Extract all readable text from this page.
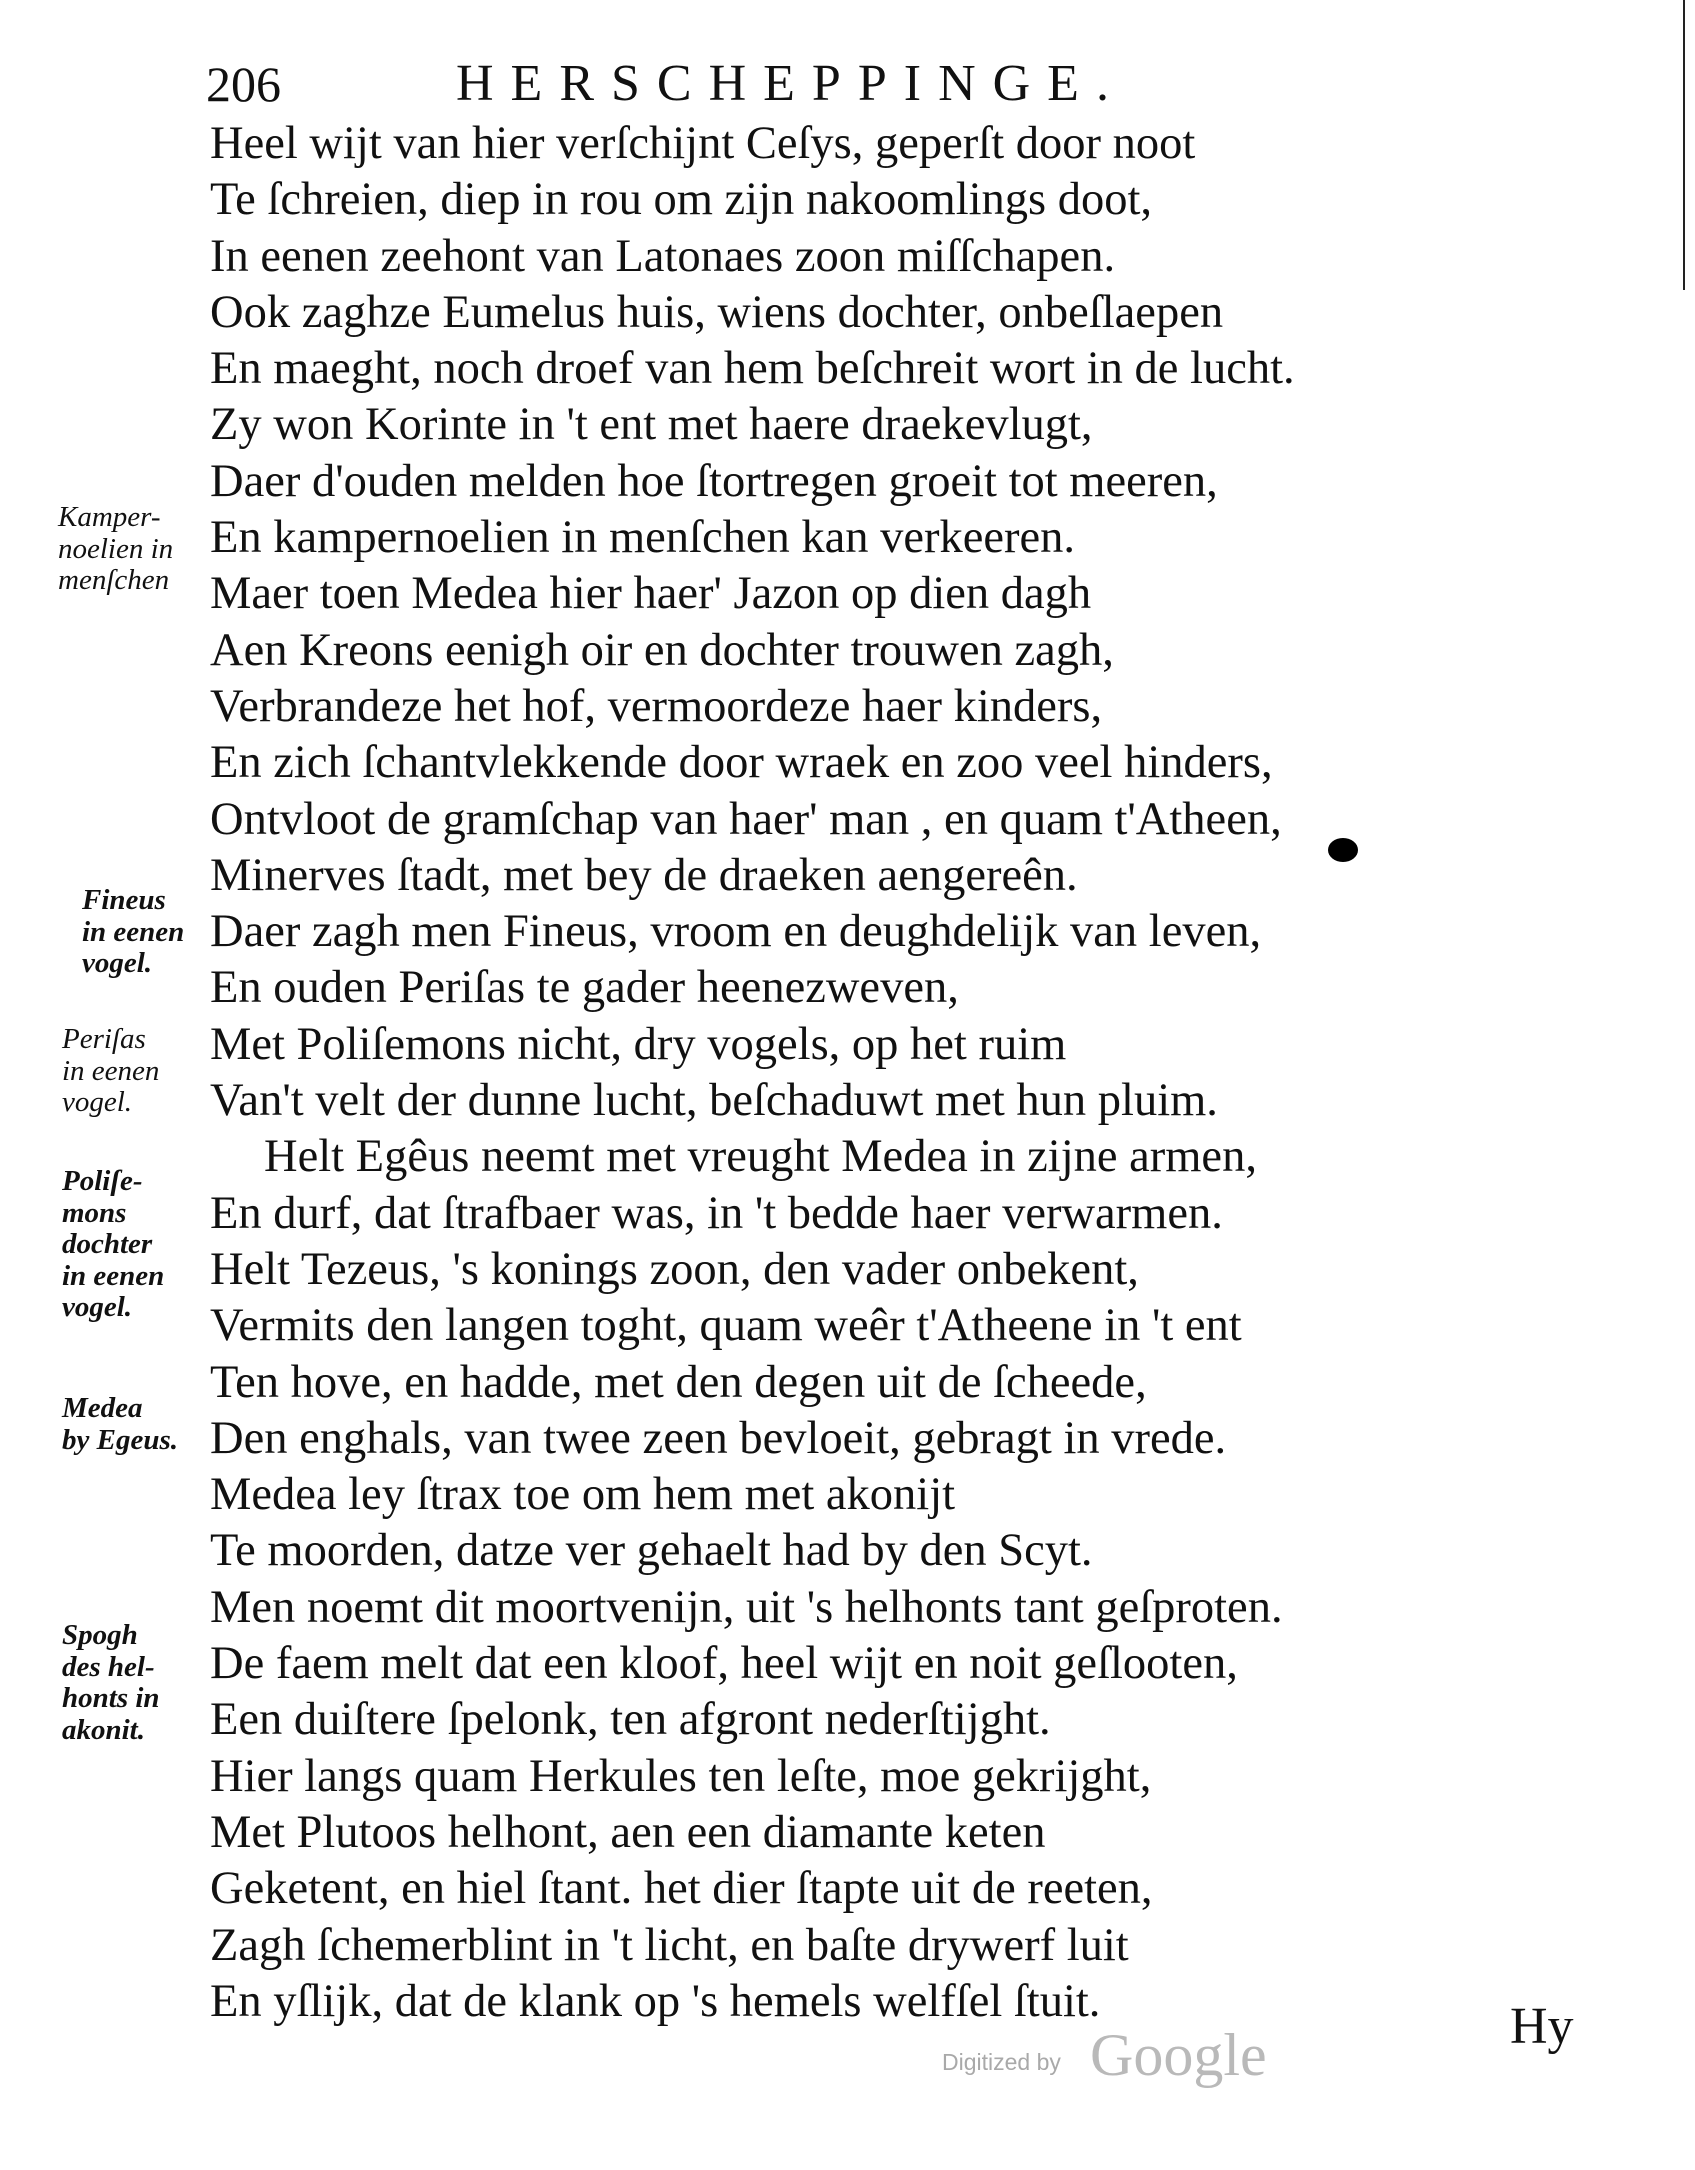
206	HERSCHEPPINGE.
Heel wijt van hier verſchijnt Ceſys, geperſt door noot
Te ſchreien, diep in rou om zijn nakoomlings doot,
In eenen zeehont van Latonaes zoon miſſchapen.
Ook zaghze Eumelus huis, wiens dochter, onbeſlaepen
En maeght, noch droef van hem beſchreit wort in de lucht.
Zy won Korinte in 't ent met haere draekevlugt,
Daer d'ouden melden hoe ſtortregen groeit tot meeren,
En kampernoelien in menſchen kan verkeeren.
Maer toen Medea hier haer' Jazon op dien dagh
Aen Kreons eenigh oir en dochter trouwen zagh,
Verbrandeze het hof, vermoordeze haer kinders,
En zich ſchantvlekkende door wraek en zoo veel hinders,
Ontvloot de gramſchap van haer' man , en quam t'Atheen,
Minerves ſtadt, met bey de draeken aengereên.
Daer zagh men Fineus, vroom en deughdelijk van leven,
En ouden Periſas te gader heenezweven,
Met Poliſemons nicht, dry vogels, op het ruim
Van't velt der dunne lucht, beſchaduwt met hun pluim.
Helt Egêus neemt met vreught Medea in zijne armen,
En durf, dat ſtrafbaer was, in 't bedde haer verwarmen.
Helt Tezeus, 's konings zoon, den vader onbekent,
Vermits den langen toght, quam weêr t'Atheene in 't ent
Ten hove, en hadde, met den degen uit de ſcheede,
Den enghals, van twee zeen bevloeit, gebragt in vrede.
Medea ley ſtrax toe om hem met akonijt
Te moorden, datze ver gehaelt had by den Scyt.
Men noemt dit moortvenijn, uit 's helhonts tant geſproten.
De faem melt dat een kloof, heel wijt en noit geſlooten,
Een duiſtere ſpelonk, ten afgront nederſtijght.
Hier langs quam Herkules ten leſte, moe gekrijght,
Met Plutoos helhont, aen een diamante keten
Geketent, en hiel ſtant. het dier ſtapte uit de reeten,
Zagh ſchemerblint in 't licht, en baſte drywerf luit
En yſlijk, dat de klank op 's hemels welfſel ſtuit.
Kamper-
noelien in
menſchen
Fineus
in eenen
vogel.
Periſas
in eenen
vogel.
Poliſe-
mons
dochter
in eenen
vogel.
Medea
by Egeus.
Spogh
des hel-
honts in
akonit.
Hy
Digitized by Google
